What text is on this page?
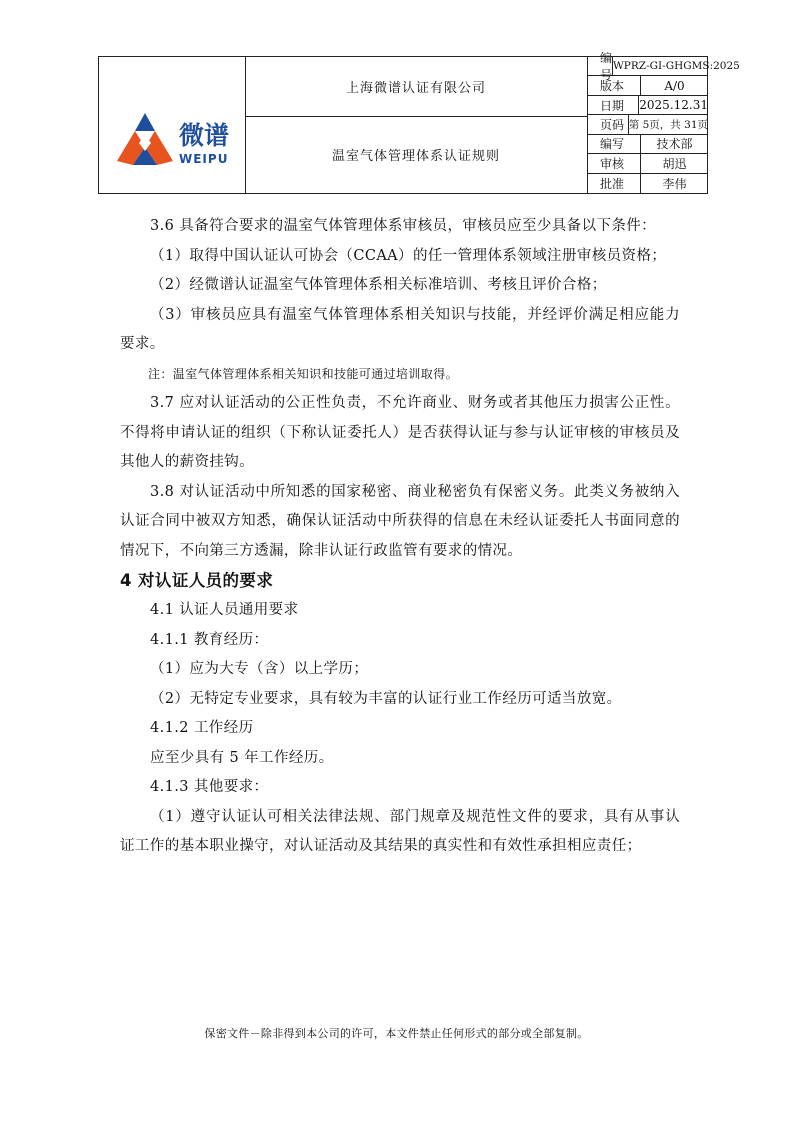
微谱
WEIPU
上海微谱认证有限公司
温室气体管理体系认证规则
编号
WPRZ-GI-GHGMS:2025
版本	A/0
日期	2025.12.31
页码 第 5页，共 31页
编写	技术部
审核	胡迅
批准	李伟

3.6 具备符合要求的温室气体管理体系审核员，审核员应至少具备以下条件：

（1）取得中国认证认可协会（CCAA）的任一管理体系领域注册审核员资格；

（2）经微谱认证温室气体管理体系相关标准培训、考核且评价合格；

（3）审核员应具有温室气体管理体系相关知识与技能，并经评价满足相应能力要求。

注：温室气体管理体系相关知识和技能可通过培训取得。

3.7 应对认证活动的公正性负责，不允许商业、财务或者其他压力损害公正性。不得将申请认证的组织（下称认证委托人）是否获得认证与参与认证审核的审核员及其他人的薪资挂钩。

3.8 对认证活动中所知悉的国家秘密、商业秘密负有保密义务。此类义务被纳入认证合同中被双方知悉，确保认证活动中所获得的信息在未经认证委托人书面同意的情况下，不向第三方透漏，除非认证行政监管有要求的情况。

4 对认证人员的要求

4.1 认证人员通用要求

4.1.1 教育经历：

（1）应为大专（含）以上学历；

（2）无特定专业要求，具有较为丰富的认证行业工作经历可适当放宽。

4.1.2 工作经历

应至少具有 5 年工作经历。

4.1.3 其他要求：

（1）遵守认证认可相关法律法规、部门规章及规范性文件的要求，具有从事认证工作的基本职业操守，对认证活动及其结果的真实性和有效性承担相应责任；

保密文件－除非得到本公司的许可，本文件禁止任何形式的部分或全部复制。
